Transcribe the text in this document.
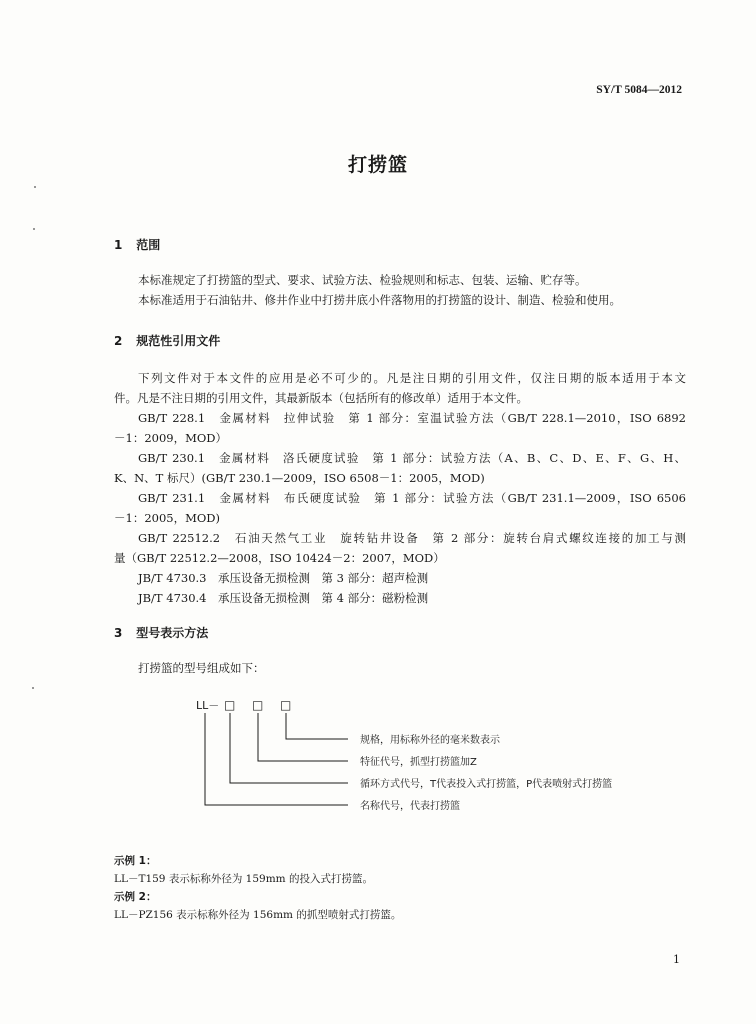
SY/T 5084—2012
打捞篮
1 范围
本标准规定了打捞篮的型式、要求、试验方法、检验规则和标志、包装、运输、贮存等。
本标准适用于石油钻井、修井作业中打捞井底小件落物用的打捞篮的设计、制造、检验和使用。
2 规范性引用文件
下列文件对于本文件的应用是必不可少的。凡是注日期的引用文件，仅注日期的版本适用于本文
件。凡是不注日期的引用文件，其最新版本（包括所有的修改单）适用于本文件。
GB/T 228.1　金属材料　拉伸试验　第 1 部分：室温试验方法（GB/T 228.1—2010，ISO 6892
－1：2009，MOD）
GB/T 230.1　金属材料　洛氏硬度试验　第 1 部分：试验方法（A、B、C、D、E、F、G、H、
K、N、T 标尺）(GB/T 230.1—2009，ISO 6508－1：2005，MOD)
GB/T 231.1　金属材料　布氏硬度试验　第 1 部分：试验方法（GB/T 231.1—2009，ISO 6506
－1：2005，MOD)
GB/T 22512.2　石油天然气工业　旋转钻井设备　第 2 部分：旋转台肩式螺纹连接的加工与测
量（GB/T 22512.2—2008，ISO 10424－2：2007，MOD）
JB/T 4730.3　承压设备无损检测　第 3 部分：超声检测
JB/T 4730.4　承压设备无损检测　第 4 部分：磁粉检测
3 型号表示方法
打捞篮的型号组成如下：
LL－ □ □ □
规格，用标称外径的毫米数表示
特征代号，抓型打捞篮加Z
循环方式代号，T代表投入式打捞篮，P代表喷射式打捞篮
名称代号，代表打捞篮
示例 1：
LL－T159 表示标称外径为 159mm 的投入式打捞篮。
示例 2：
LL－PZ156 表示标称外径为 156mm 的抓型喷射式打捞篮。
1
